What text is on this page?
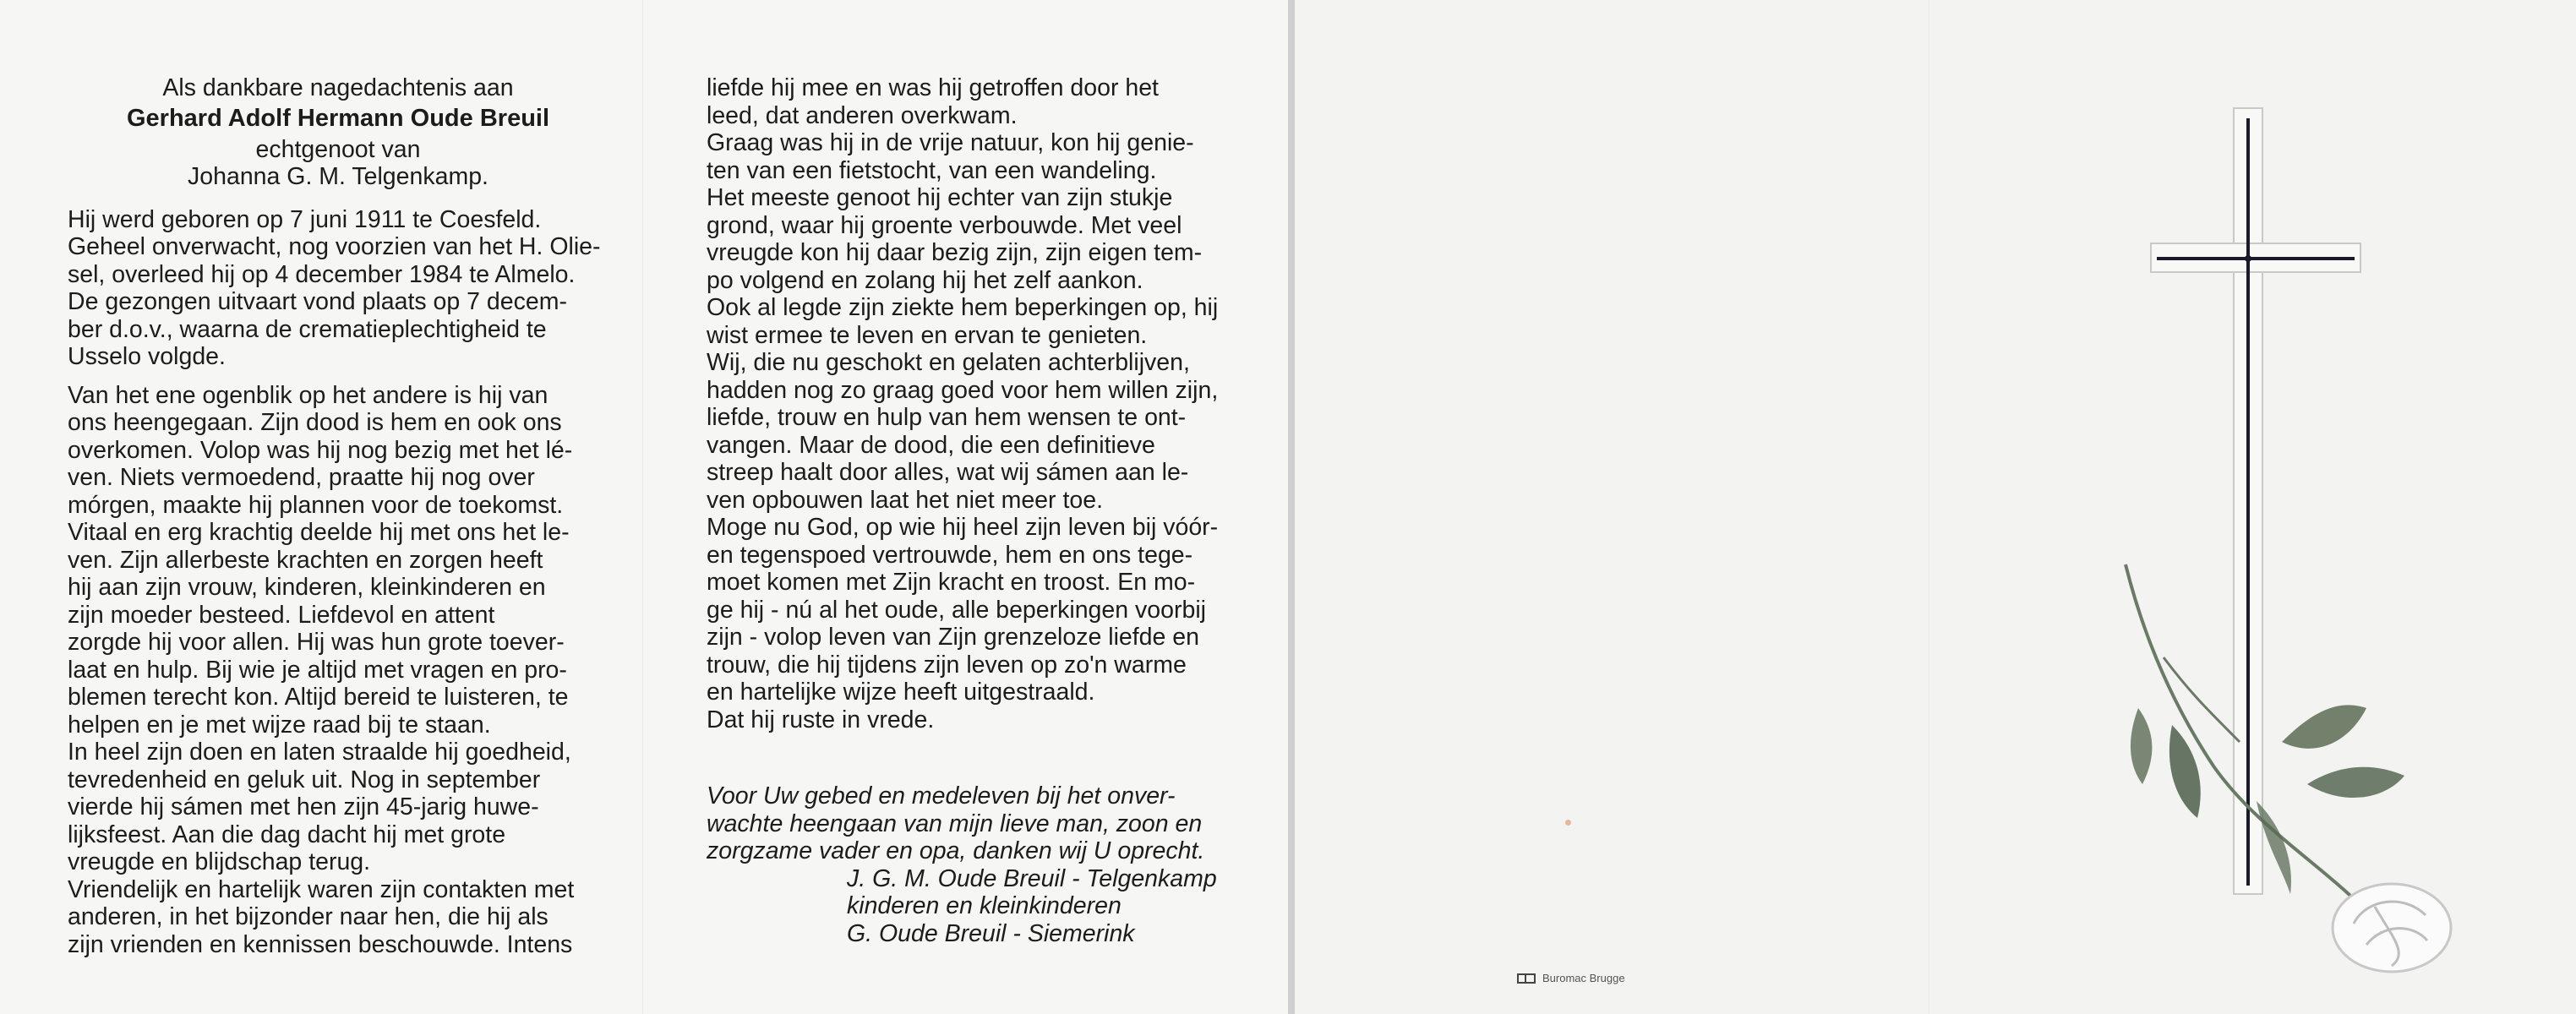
Als dankbare nagedachtenis aan

Gerhard Adolf Hermann Oude Breuil

echtgenoot van

Johanna G. M. Telgenkamp.

Hij werd geboren op 7 juni 1911 te Coesfeld.

Geheel onverwacht, nog voorzien van het H. Olie-

sel, overleed hij op 4 december 1984 te Almelo.

De gezongen uitvaart vond plaats op 7 decem-

ber d.o.v., waarna de crematieplechtigheid te

Usselo volgde.

Van het ene ogenblik op het andere is hij van

ons heengegaan. Zijn dood is hem en ook ons

overkomen. Volop was hij nog bezig met het lé-

ven. Niets vermoedend, praatte hij nog over

mórgen, maakte hij plannen voor de toekomst.

Vitaal en erg krachtig deelde hij met ons het le-

ven. Zijn allerbeste krachten en zorgen heeft

hij aan zijn vrouw, kinderen, kleinkinderen en

zijn moeder besteed. Liefdevol en attent

zorgde hij voor allen. Hij was hun grote toever-

laat en hulp. Bij wie je altijd met vragen en pro-

blemen terecht kon. Altijd bereid te luisteren, te

helpen en je met wijze raad bij te staan.

In heel zijn doen en laten straalde hij goedheid,

tevredenheid en geluk uit. Nog in september

vierde hij sámen met hen zijn 45-jarig huwe-

lijksfeest. Aan die dag dacht hij met grote

vreugde en blijdschap terug.

Vriendelijk en hartelijk waren zijn contakten met

anderen, in het bijzonder naar hen, die hij als

zijn vrienden en kennissen beschouwde. Intens

liefde hij mee en was hij getroffen door het

leed, dat anderen overkwam.

Graag was hij in de vrije natuur, kon hij genie-

ten van een fietstocht, van een wandeling.

Het meeste genoot hij echter van zijn stukje

grond, waar hij groente verbouwde. Met veel

vreugde kon hij daar bezig zijn, zijn eigen tem-

po volgend en zolang hij het zelf aankon.

Ook al legde zijn ziekte hem beperkingen op, hij

wist ermee te leven en ervan te genieten.

Wij, die nu geschokt en gelaten achterblijven,

hadden nog zo graag goed voor hem willen zijn,

liefde, trouw en hulp van hem wensen te ont-

vangen. Maar de dood, die een definitieve

streep haalt door alles, wat wij sámen aan le-

ven opbouwen laat het niet meer toe.

Moge nu God, op wie hij heel zijn leven bij vóór-

en tegenspoed vertrouwde, hem en ons tege-

moet komen met Zijn kracht en troost. En mo-

ge hij - nú al het oude, alle beperkingen voorbij

zijn - volop leven van Zijn grenzeloze liefde en

trouw, die hij tijdens zijn leven op zo'n warme

en hartelijke wijze heeft uitgestraald.

Dat hij ruste in vrede.

Voor Uw gebed en medeleven bij het onver-

wachte heengaan van mijn lieve man, zoon en

zorgzame vader en opa, danken wij U oprecht.

J. G. M. Oude Breuil - Telgenkamp

kinderen en kleinkinderen

G. Oude Breuil - Siemerink

Buromac Brugge
